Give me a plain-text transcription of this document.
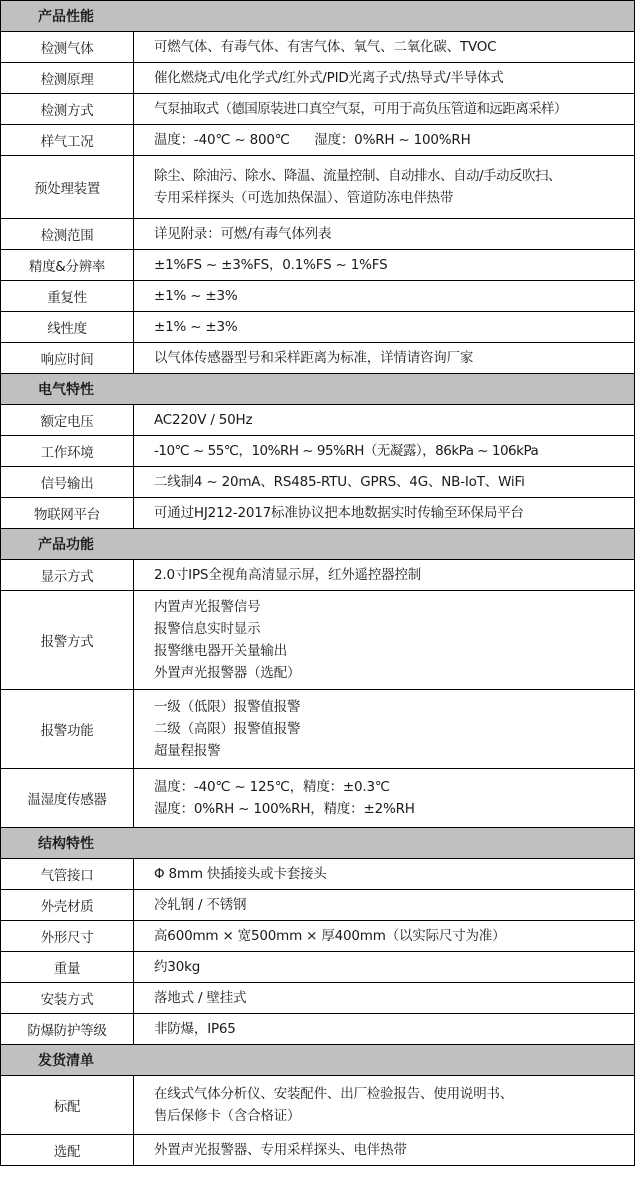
产品性能	
检测气体	可燃气体、有毒气体、有害气体、氧气、二氧化碳、TVOC

检测原理	催化燃烧式/电化学式/红外式/PID光离子式/热导式/半导体式

检测方式	气泵抽取式（德国原装进口真空气泵，可用于高负压管道和远距离采样）

样气工况	温度：-40℃ ~ 800℃      湿度：0%RH ~ 100%RH

预处理装置	除尘、除油污、除水、降温、流量控制、自动排水、自动/手动反吹扫、
专用采样探头（可选加热保温）、管道防冻电伴热带

检测范围	详见附录：可燃/有毒气体列表

精度&分辨率	±1%FS ~ ±3%FS，0.1%FS ~ 1%FS

重复性	±1% ~ ±3%

线性度	±1% ~ ±3%

响应时间	以气体传感器型号和采样距离为标准，详情请咨询厂家

电气特性	
额定电压	AC220V / 50Hz

工作环境	-10℃ ~ 55℃，10%RH ~ 95%RH（无凝露），86kPa ~ 106kPa

信号输出	二线制4 ~ 20mA、RS485-RTU、GPRS、4G、NB-IoT、WiFi

物联网平台	可通过HJ212-2017标准协议把本地数据实时传输至环保局平台

产品功能	
显示方式	2.0寸IPS全视角高清显示屏，红外遥控器控制

报警方式	内置声光报警信号
报警信息实时显示
报警继电器开关量输出
外置声光报警器（选配）

报警功能	一级（低限）报警值报警
二级（高限）报警值报警
超量程报警

温湿度传感器	温度：-40℃ ~ 125℃，精度：±0.3℃
湿度：0%RH ~ 100%RH，精度：±2%RH

结构特性	
气管接口	Φ 8mm 快插接头或卡套接头

外壳材质	冷轧钢 / 不锈钢

外形尺寸	高600mm × 宽500mm × 厚400mm（以实际尺寸为准）

重量	约30kg

安装方式	落地式 / 壁挂式

防爆防护等级	非防爆，IP65

发货清单	
标配	在线式气体分析仪、安装配件、出厂检验报告、使用说明书、
售后保修卡（含合格证）

选配	外置声光报警器、专用采样探头、电伴热带
